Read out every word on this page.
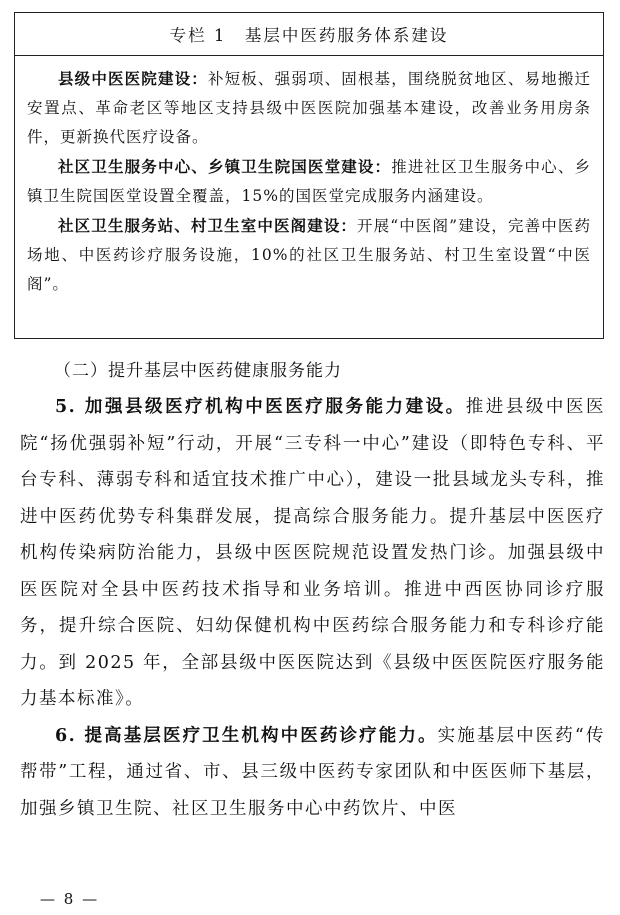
专栏 1　基层中医药服务体系建设

县级中医医院建设：补短板、强弱项、固根基，围绕脱贫地区、易地搬迁安置点、革命老区等地区支持县级中医医院加强基本建设，改善业务用房条件，更新换代医疗设备。

社区卫生服务中心、乡镇卫生院国医堂建设：推进社区卫生服务中心、乡镇卫生院国医堂设置全覆盖，15%的国医堂完成服务内涵建设。

社区卫生服务站、村卫生室中医阁建设：开展“中医阁”建设，完善中医药场地、中医药诊疗服务设施，10%的社区卫生服务站、村卫生室设置“中医阁”。

（二）提升基层中医药健康服务能力

5. 加强县级医疗机构中医医疗服务能力建设。推进县级中医医院“扬优强弱补短”行动，开展“三专科一中心”建设（即特色专科、平台专科、薄弱专科和适宜技术推广中心），建设一批县域龙头专科，推进中医药优势专科集群发展，提高综合服务能力。提升基层中医医疗机构传染病防治能力，县级中医医院规范设置发热门诊。加强县级中医医院对全县中医药技术指导和业务培训。推进中西医协同诊疗服务，提升综合医院、妇幼保健机构中医药综合服务能力和专科诊疗能力。到 2025 年，全部县级中医医院达到《县级中医医院医疗服务能力基本标准》。

6. 提高基层医疗卫生机构中医药诊疗能力。实施基层中医药“传帮带”工程，通过省、市、县三级中医药专家团队和中医医师下基层，加强乡镇卫生院、社区卫生服务中心中药饮片、中医

— 8 —
